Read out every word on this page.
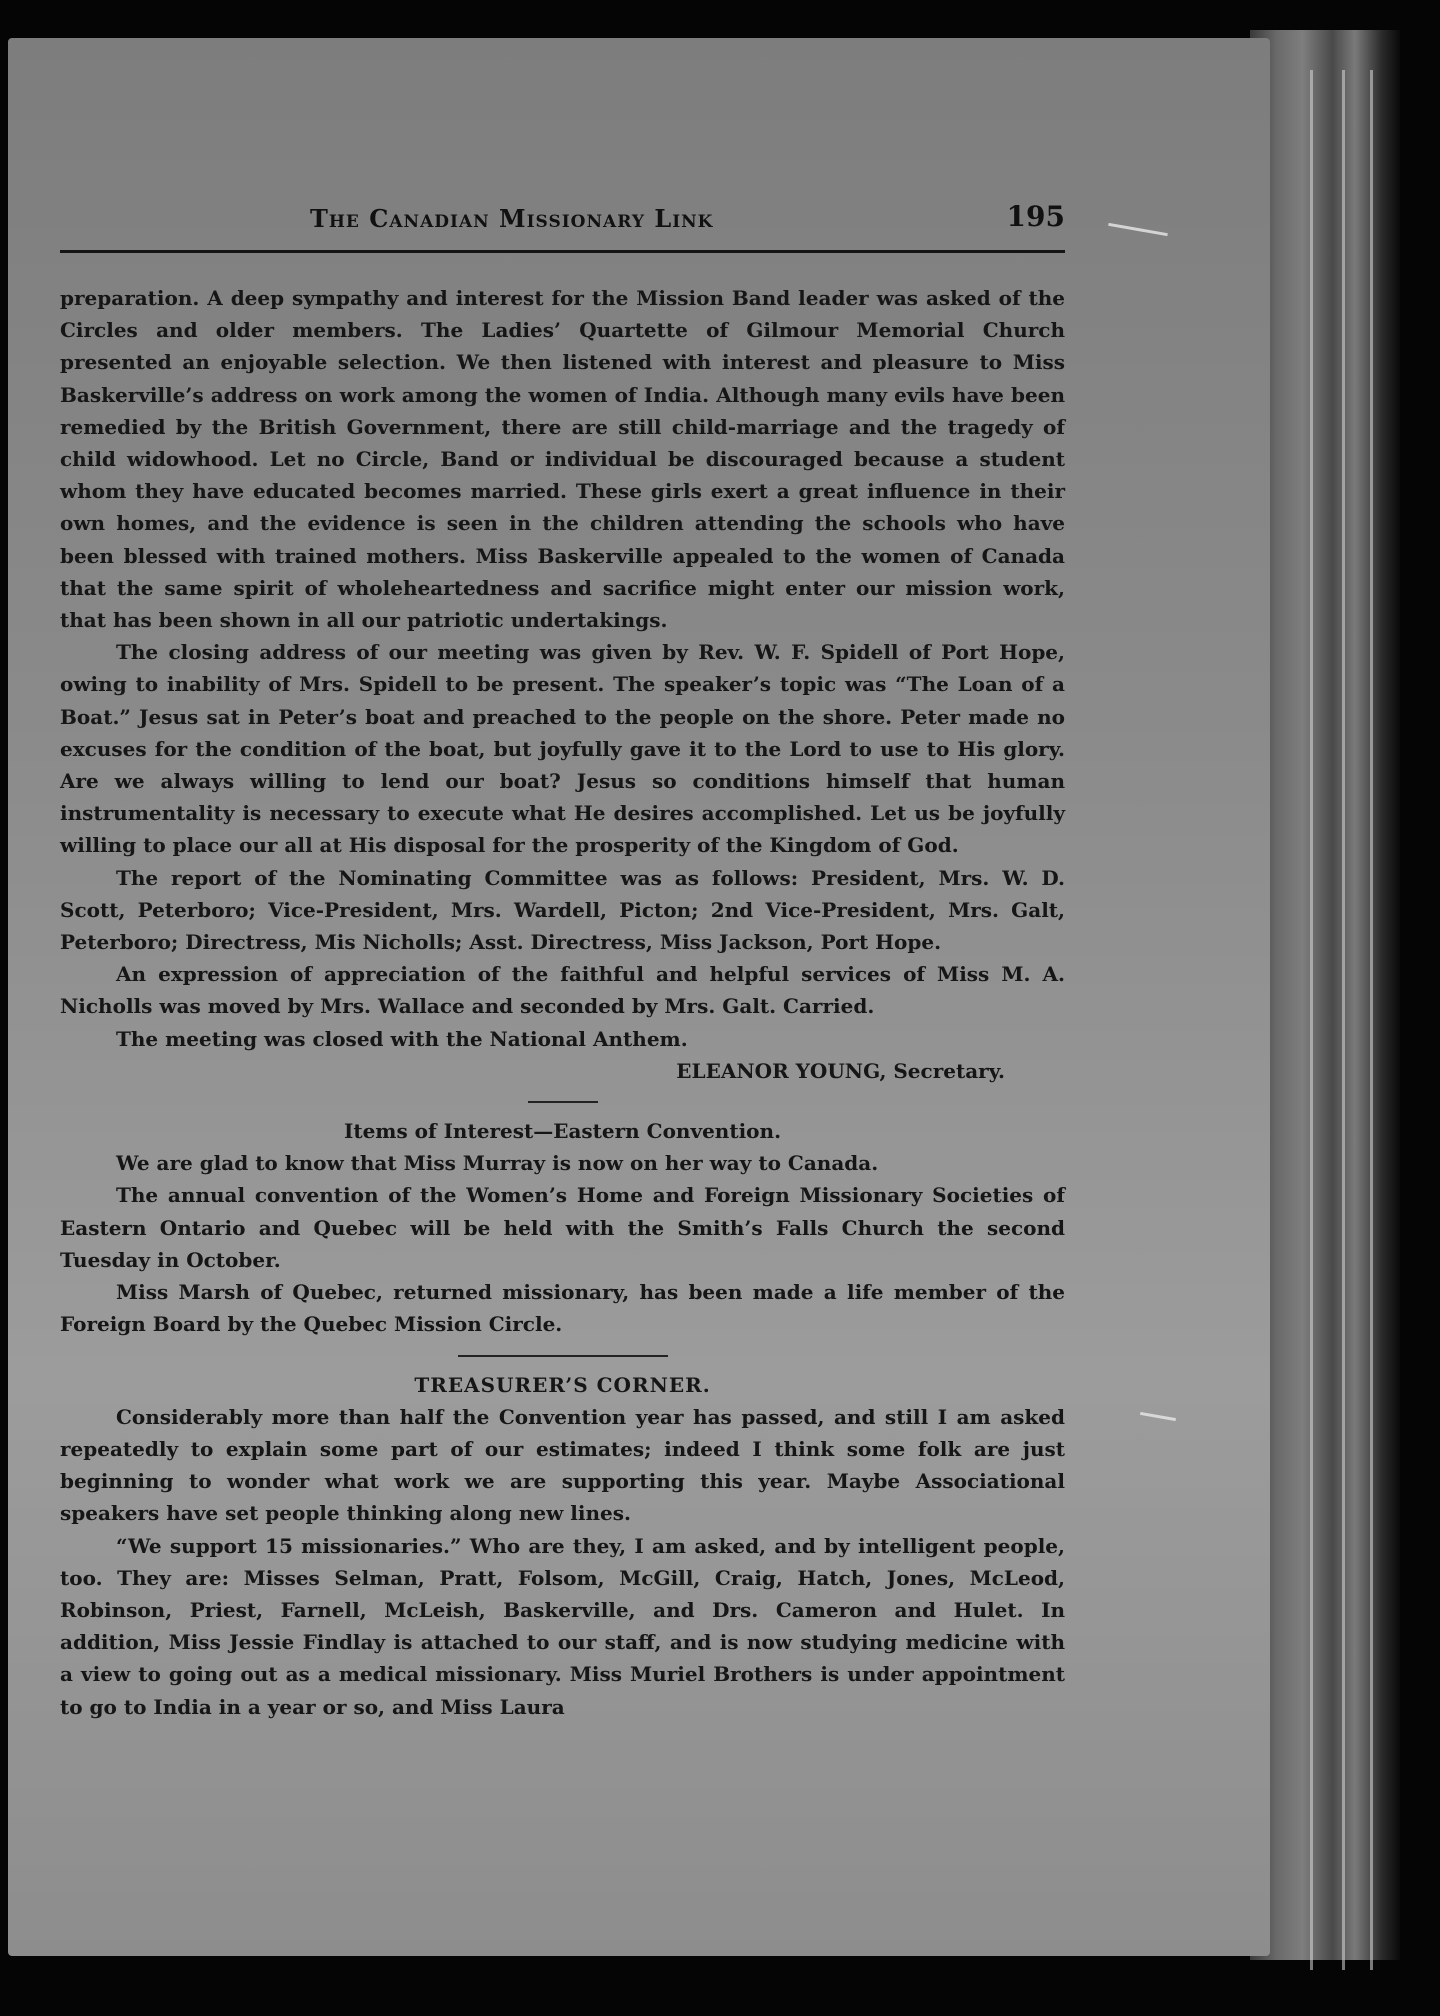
The Canadian Missionary Link	195

preparation. A deep sympathy and interest for the Mission Band leader was asked of the Circles and older members. The Ladies’ Quartette of Gilmour Memorial Church presented an enjoyable selection. We then listened with interest and pleasure to Miss Baskerville’s address on work among the women of India. Although many evils have been remedied by the British Government, there are still child-marriage and the tragedy of child widowhood. Let no Circle, Band or individual be discouraged because a student whom they have educated becomes married. These girls exert a great influence in their own homes, and the evidence is seen in the children attending the schools who have been blessed with trained mothers. Miss Baskerville appealed to the women of Canada that the same spirit of wholeheartedness and sacrifice might enter our mission work, that has been shown in all our patriotic undertakings.

The closing address of our meeting was given by Rev. W. F. Spidell of Port Hope, owing to inability of Mrs. Spidell to be present. The speaker’s topic was “The Loan of a Boat.” Jesus sat in Peter’s boat and preached to the people on the shore. Peter made no excuses for the condition of the boat, but joyfully gave it to the Lord to use to His glory. Are we always willing to lend our boat? Jesus so conditions himself that human instrumentality is necessary to execute what He desires accomplished. Let us be joyfully willing to place our all at His disposal for the prosperity of the Kingdom of God.

The report of the Nominating Committee was as follows: President, Mrs. W. D. Scott, Peterboro; Vice-President, Mrs. Wardell, Picton; 2nd Vice-President, Mrs. Galt, Peterboro; Directress, Mis Nicholls; Asst. Directress, Miss Jackson, Port Hope.

An expression of appreciation of the faithful and helpful services of Miss M. A. Nicholls was moved by Mrs. Wallace and seconded by Mrs. Galt. Carried.

The meeting was closed with the National Anthem.

ELEANOR YOUNG, Secretary.

Items of Interest—Eastern Convention.

We are glad to know that Miss Murray is now on her way to Canada.

The annual convention of the Women’s Home and Foreign Missionary Societies of Eastern Ontario and Quebec will be held with the Smith’s Falls Church the second Tuesday in October.

Miss Marsh of Quebec, returned missionary, has been made a life member of the Foreign Board by the Quebec Mission Circle.

TREASURER’S CORNER.

Considerably more than half the Convention year has passed, and still I am asked repeatedly to explain some part of our estimates; indeed I think some folk are just beginning to wonder what work we are supporting this year. Maybe Associational speakers have set people thinking along new lines.

“We support 15 missionaries.” Who are they, I am asked, and by intelligent people, too. They are: Misses Selman, Pratt, Folsom, McGill, Craig, Hatch, Jones, McLeod, Robinson, Priest, Farnell, McLeish, Baskerville, and Drs. Cameron and Hulet. In addition, Miss Jessie Findlay is attached to our staff, and is now studying medicine with a view to going out as a medical missionary. Miss Muriel Brothers is under appointment to go to India in a year or so, and Miss Laura
